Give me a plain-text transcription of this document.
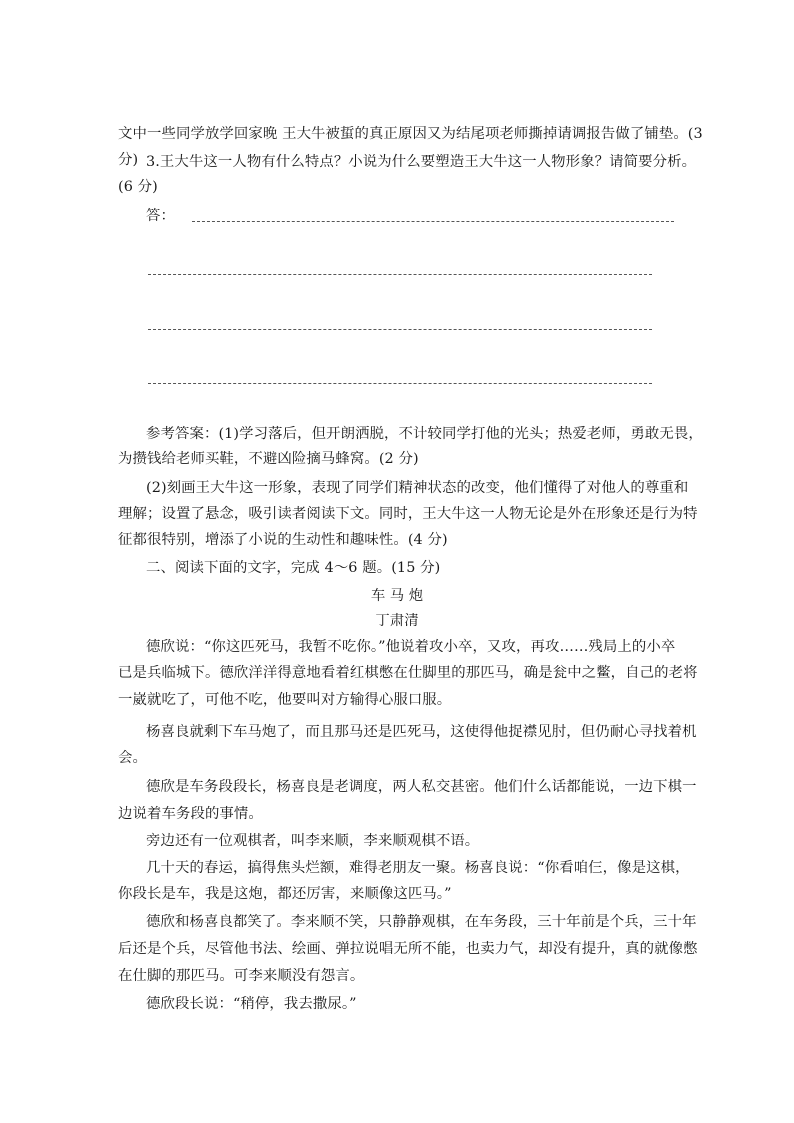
文中一些同学放学回家晚 王大牛被蜇的真正原因又为结尾项老师撕掉请调报告做了铺垫。(3
分) 3.王大牛这一人物有什么特点？小说为什么要塑造王大牛这一人物形象？请简要分析。
(6 分)
答：
参考答案：(1)学习落后，但开朗洒脱，不计较同学打他的光头；热爱老师，勇敢无畏，
为攒钱给老师买鞋，不避凶险摘马蜂窝。(2 分)
(2)刻画王大牛这一形象，表现了同学们精神状态的改变，他们懂得了对他人的尊重和
理解；设置了悬念，吸引读者阅读下文。同时，王大牛这一人物无论是外在形象还是行为特
征都很特别，增添了小说的生动性和趣味性。(4 分)
二、阅读下面的文字，完成 4～6 题。(15 分)
车 马 炮
丁肃清
德欣说：“你这匹死马，我暂不吃你。”他说着攻小卒，又攻，再攻……残局上的小卒
已是兵临城下。德欣洋洋得意地看着红棋憋在仕脚里的那匹马，确是瓮中之鳖，自己的老将
一崴就吃了，可他不吃，他要叫对方输得心服口服。
杨喜良就剩下车马炮了，而且那马还是匹死马，这使得他捉襟见肘，但仍耐心寻找着机
会。
德欣是车务段段长，杨喜良是老调度，两人私交甚密。他们什么话都能说，一边下棋一
边说着车务段的事情。
旁边还有一位观棋者，叫李来顺，李来顺观棋不语。
几十天的春运，搞得焦头烂额，难得老朋友一聚。杨喜良说：“你看咱仨，像是这棋，
你段长是车，我是这炮，都还厉害，来顺像这匹马。”
德欣和杨喜良都笑了。李来顺不笑，只静静观棋，在车务段，三十年前是个兵，三十年
后还是个兵，尽管他书法、绘画、弹拉说唱无所不能，也卖力气，却没有提升，真的就像憋
在仕脚的那匹马。可李来顺没有怨言。
德欣段长说：“稍停，我去撒尿。”
